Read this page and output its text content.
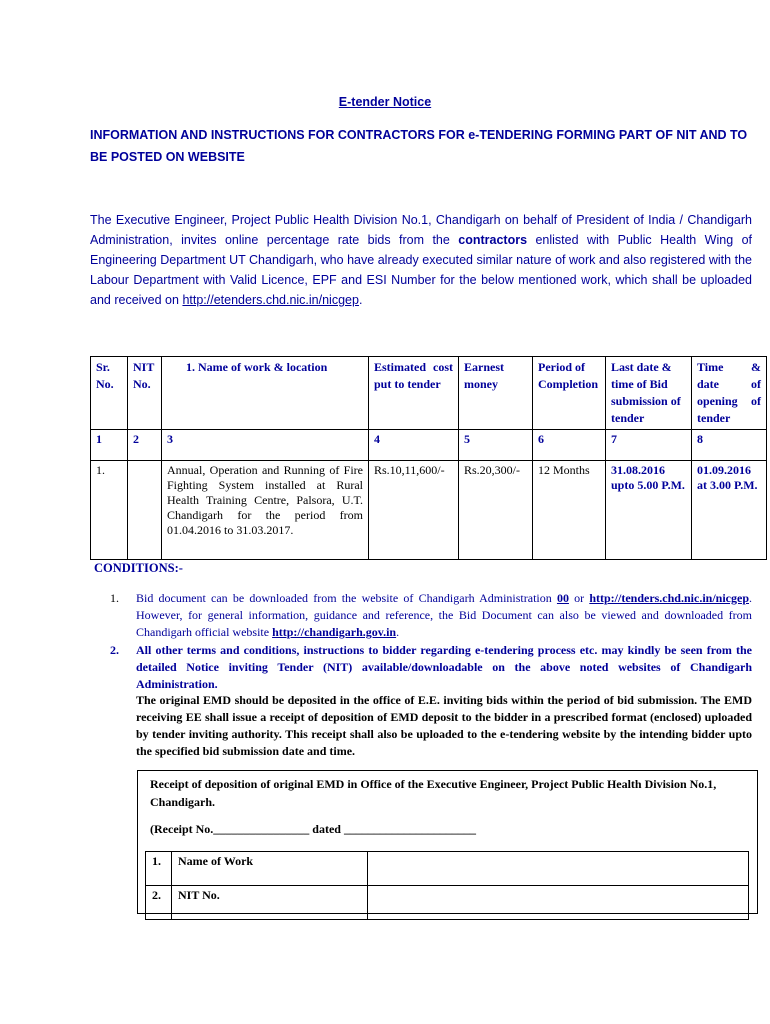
E-tender Notice
INFORMATION AND INSTRUCTIONS FOR CONTRACTORS FOR e-TENDERING FORMING PART OF NIT AND TO BE POSTED ON WEBSITE
The Executive Engineer, Project Public Health Division No.1, Chandigarh on behalf of President of India / Chandigarh Administration, invites online percentage rate bids from the contractors enlisted with Public Health Wing of Engineering Department UT Chandigarh, who have already executed similar nature of work and also registered with the Labour Department with Valid Licence, EPF and ESI Number for the below mentioned work, which shall be uploaded and received on http://etenders.chd.nic.in/nicgep.
Sr. No.	NIT No.	1. Name of work & location	Estimated cost put to tender	Earnest money	Period of Completion	Last date & time of Bid submission of tender	Time & date of opening of tender
1	2	3	4	5	6	7	8
1.		Annual, Operation and Running of Fire Fighting System installed at Rural Health Training Centre, Palsora, U.T. Chandigarh for the period from 01.04.2016 to 31.03.2017.	Rs.10,11,600/-	Rs.20,300/-	12 Months	31.08.2016 upto 5.00 P.M.	01.09.2016 at 3.00 P.M.
CONDITIONS:-
1.	Bid document can be downloaded from the website of Chandigarh Administration 00 or http://tenders.chd.nic.in/nicgep. However, for general information, guidance and reference, the Bid Document can also be viewed and downloaded from Chandigarh official website http://chandigarh.gov.in.
2.	All other terms and conditions, instructions to bidder regarding e-tendering process etc. may kindly be seen from the detailed Notice inviting Tender (NIT) available/downloadable on the above noted websites of Chandigarh Administration.
The original EMD should be deposited in the office of E.E. inviting bids within the period of bid submission. The EMD receiving EE shall issue a receipt of deposition of EMD deposit to the bidder in a prescribed format (enclosed) uploaded by tender inviting authority. This receipt shall also be uploaded to the e-tendering website by the intending bidder upto the specified bid submission date and time.
Receipt of deposition of original EMD in Office of the Executive Engineer, Project Public Health Division No.1, Chandigarh.
(Receipt No.________________ dated ______________________
1.	Name of Work	
2.	NIT No.	
